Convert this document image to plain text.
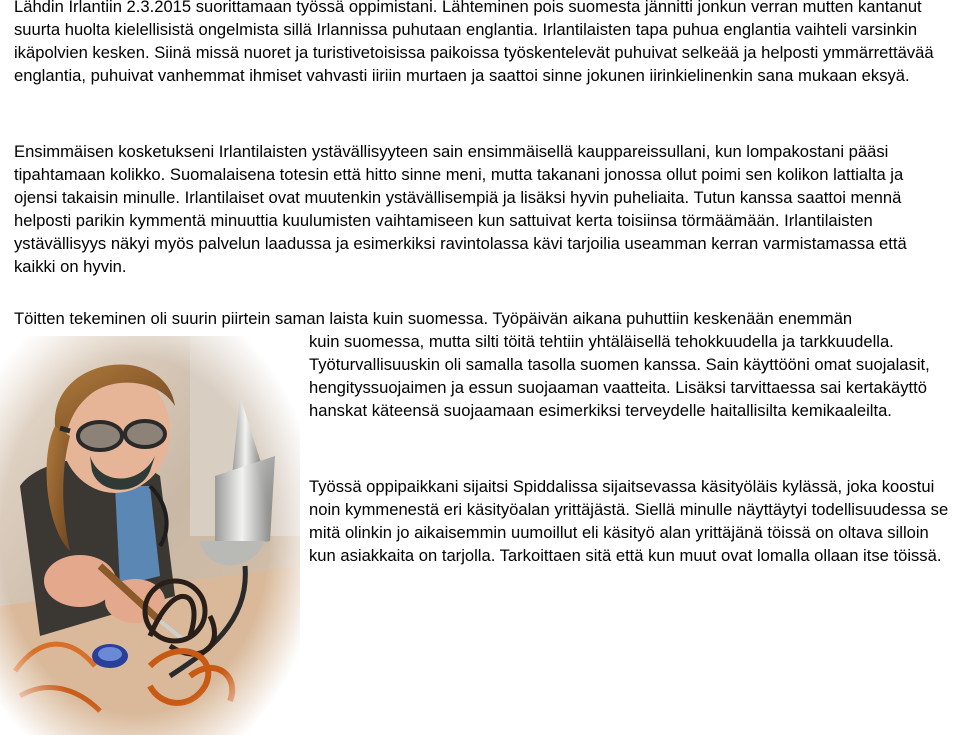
Lähdin Irlantiin 2.3.2015 suorittamaan työssä oppimistani. Lähteminen pois suomesta jännitti jonkun verran mutten kantanut suurta huolta kielellisistä ongelmista sillä Irlannissa puhutaan englantia. Irlantilaisten tapa puhua englantia vaihteli varsinkin ikäpolvien kesken. Siinä missä nuoret ja turistivetoisissa paikoissa työskentelevät puhuivat selkeää ja helposti ymmärrettävää englantia, puhuivat vanhemmat ihmiset vahvasti iiriin murtaen ja saattoi sinne jokunen iirinkielinenkin sana mukaan eksyä.

Ensimmäisen kosketukseni Irlantilaisten ystävällisyyteen sain ensimmäisellä kauppareissullani, kun lompakostani pääsi tipahtamaan kolikko. Suomalaisena totesin että hitto sinne meni, mutta takanani jonossa ollut poimi sen kolikon lattialta ja ojensi takaisin minulle. Irlantilaiset ovat muutenkin ystävällisempiä ja lisäksi hyvin puheliaita. Tutun kanssa saattoi mennä helposti parikin kymmentä minuuttia kuulumisten vaihtamiseen kun sattuivat kerta toisiinsa törmäämään. Irlantilaisten ystävällisyys näkyi myös palvelun laadussa ja esimerkiksi ravintolassa kävi tarjoilia useamman kerran varmistamassa että kaikki on hyvin.

Töitten tekeminen oli suurin piirtein saman laista kuin suomessa. Työpäivän aikana puhuttiin keskenään enemmän

kuin suomessa, mutta silti töitä tehtiin yhtäläisellä tehokkuudella ja tarkkuudella. Työturvallisuuskin oli samalla tasolla suomen kanssa. Sain käyttööni omat suojalasit, hengityssuojaimen ja essun suojaaman vaatteita. Lisäksi tarvittaessa sai kertakäyttö hanskat käteensä suojaamaan esimerkiksi terveydelle haitallisilta kemikaaleilta.

Työssä oppipaikkani sijaitsi Spiddalissa sijaitsevassa käsityöläis kylässä, joka koostui noin kymmenestä eri käsityöalan yrittäjästä. Siellä minulle näyttäytyi todellisuudessa se mitä olinkin jo aikaisemmin uumoillut eli käsityö alan yrittäjänä töissä on oltava silloin kun asiakkaita on tarjolla. Tarkoittaen sitä että kun muut ovat lomalla ollaan itse töissä.
